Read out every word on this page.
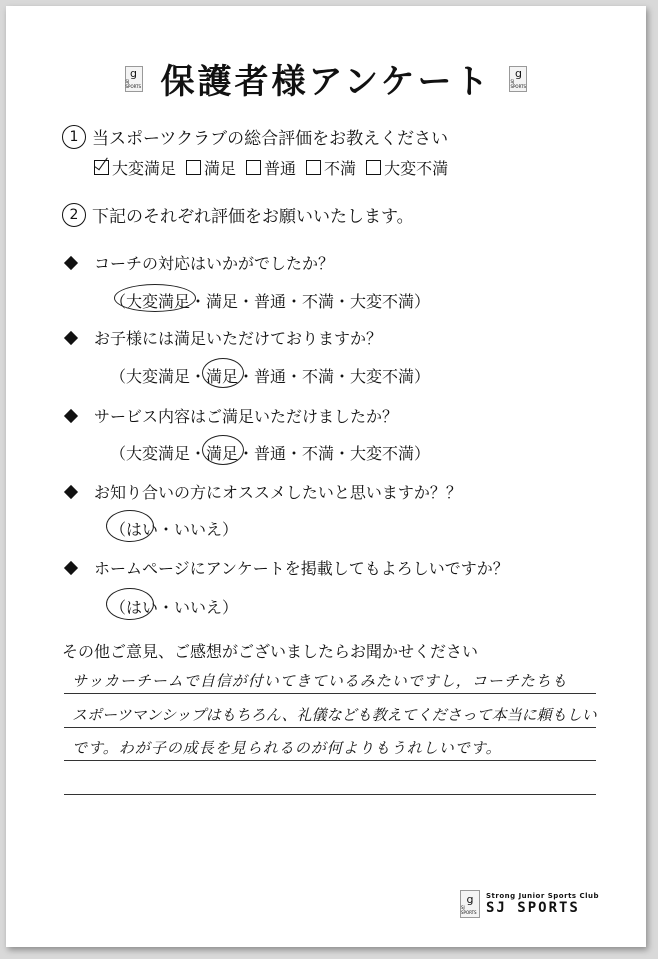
g
SJ SPORTS 保護者様アンケート g
SJ SPORTS
1 当スポーツクラブの総合評価をお教えください
大変満足 満足 普通 不満 大変不満
2 下記のそれぞれ評価をお願いいたします。
コーチの対応はいかがでしたか？
（大変満足・満足・普通・不満・大変不満）
お子様には満足いただけておりますか？
（大変満足・満足・普通・不満・大変不満）
サービス内容はご満足いただけましたか？
（大変満足・満足・普通・不満・大変不満）
お知り合いの方にオススメしたいと思いますか？？
（はい・いいえ）
ホームページにアンケートを掲載してもよろしいですか？
（はい・いいえ）
その他ご意見、ご感想がございましたらお聞かせください
サッカーチームで自信が付いてきているみたいですし，コーチたちも
スポーツマンシップはもちろん、礼儀なども教えてくださって本当に頼もしい
です。わが子の成長を見られるのが何よりもうれしいです。
g
SJ SPORTS
Strong Junior Sports Club
SJ SPORTS
